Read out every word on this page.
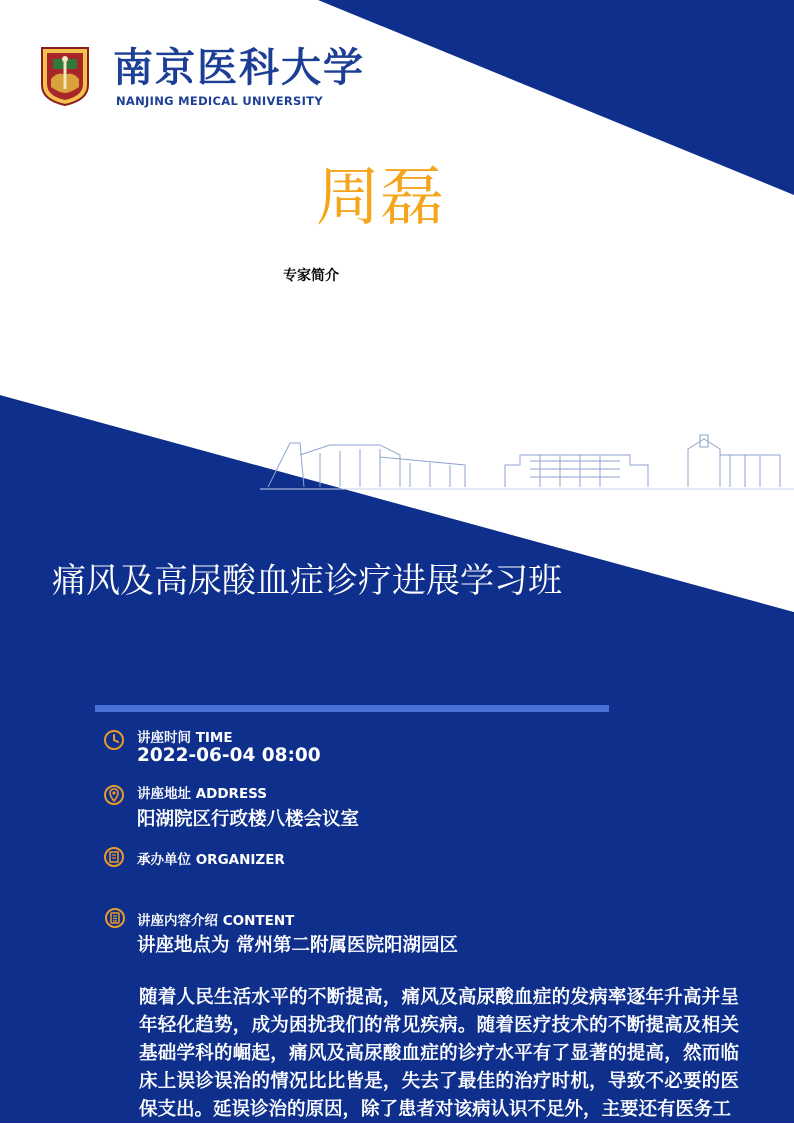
南京医科大学
NANJING MEDICAL UNIVERSITY
周磊
专家简介
痛风及高尿酸血症诊疗进展学习班
讲座时间 TIME
2022-06-04 08:00
讲座地址 ADDRESS
阳湖院区行政楼八楼会议室
承办单位 ORGANIZER
讲座内容介绍 CONTENT
讲座地点为 常州第二附属医院阳湖园区
随着人民生活水平的不断提高，痛风及高尿酸血症的发病率逐年升高并呈年轻化趋势，成为困扰我们的常见疾病。随着医疗技术的不断提高及相关基础学科的崛起，痛风及高尿酸血症的诊疗水平有了显著的提高，然而临床上误诊误治的情况比比皆是，失去了最佳的治疗时机，导致不必要的医保支出。延误诊治的原因，除了患者对该病认识不足外，主要还有医务工
